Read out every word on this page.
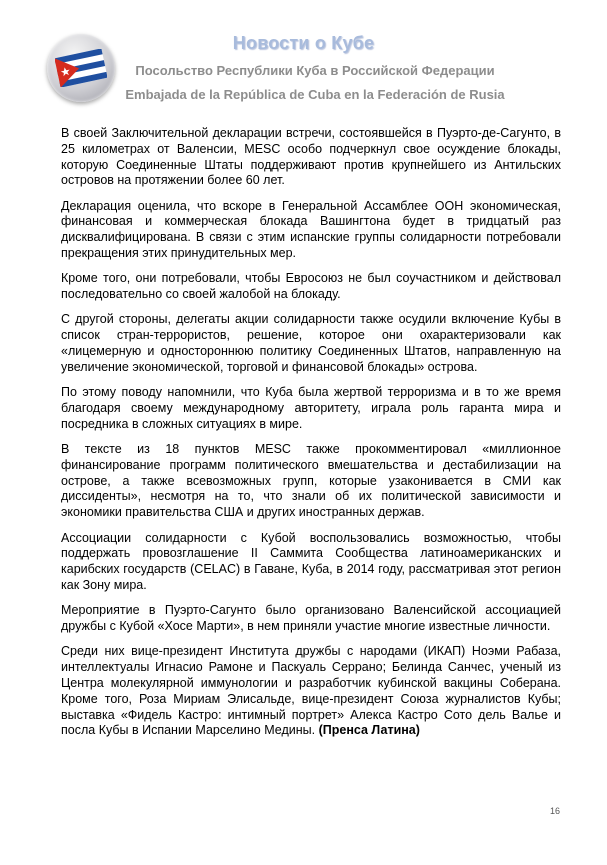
Новости о Кубе
Посольство Республики Куба в Российской Федерации
Embajada de la República de Cuba en la Federación de Rusia

В своей Заключительной декларации встречи, состоявшейся в Пуэрто-де-Сагунто, в 25 километрах от Валенсии, MESC особо подчеркнул свое осуждение блокады, которую Соединенные Штаты поддерживают против крупнейшего из Антильских островов на протяжении более 60 лет.

Декларация оценила, что вскоре в Генеральной Ассамблее ООН экономическая, финансовая и коммерческая блокада Вашингтона будет в тридцатый раз дисквалифицирована. В связи с этим испанские группы солидарности потребовали прекращения этих принудительных мер.

Кроме того, они потребовали, чтобы Евросоюз не был соучастником и действовал последовательно со своей жалобой на блокаду.

С другой стороны, делегаты акции солидарности также осудили включение Кубы в список стран-террористов, решение, которое они охарактеризовали как «лицемерную и одностороннюю политику Соединенных Штатов, направленную на увеличение экономической, торговой и финансовой блокады» острова.

По этому поводу напомнили, что Куба была жертвой терроризма и в то же время благодаря своему международному авторитету, играла роль гаранта мира и посредника в сложных ситуациях в мире.

В тексте из 18 пунктов MESC также прокомментировал «миллионное финансирование программ политического вмешательства и дестабилизации на острове, а также всевозможных групп, которые узаконивается в СМИ как диссиденты», несмотря на то, что знали об их политической зависимости и экономики правительства США и других иностранных держав.

Ассоциации солидарности с Кубой воспользовались возможностью, чтобы поддержать провозглашение II Саммита Сообщества латиноамериканских и карибских государств (CELAC) в Гаване, Куба, в 2014 году, рассматривая этот регион как Зону мира.

Мероприятие в Пуэрто-Сагунто было организовано Валенсийской ассоциацией дружбы с Кубой «Хосе Марти», в нем приняли участие многие известные личности.

Среди них вице-президент Института дружбы с народами (ИКАП) Ноэми Рабаза, интеллектуалы Игнасио Рамоне и Паскуаль Серрано; Белинда Санчес, ученый из Центра молекулярной иммунологии и разработчик кубинской вакцины Соберана. Кроме того, Роза Мириам Элисальде, вице-президент Союза журналистов Кубы; выставка «Фидель Кастро: интимный портрет» Алекса Кастро Сото дель Валье и посла Кубы в Испании Марселино Медины. (Пренса Латина)

16
